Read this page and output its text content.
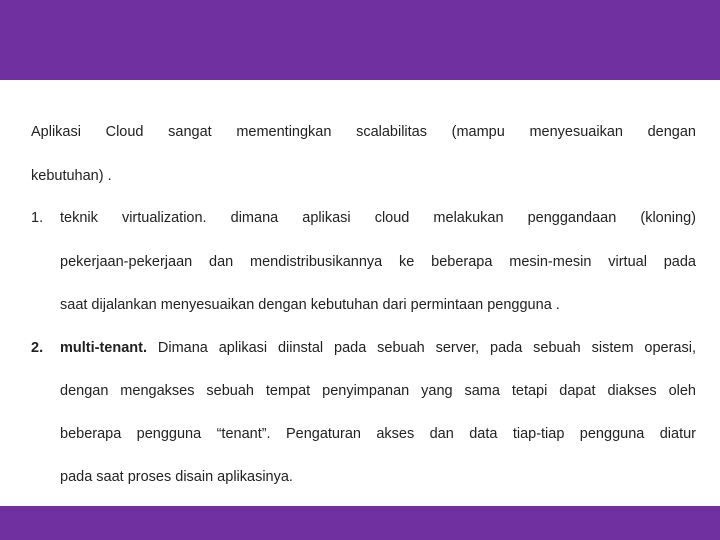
Aplikasi Cloud sangat mementingkan scalabilitas (mampu menyesuaikan dengan
kebutuhan) .
1. teknik virtualization. dimana aplikasi cloud melakukan penggandaan (kloning)
pekerjaan-pekerjaan dan mendistribusikannya ke beberapa mesin-mesin virtual pada
saat dijalankan menyesuaikan dengan kebutuhan dari permintaan pengguna .
2. multi-tenant. Dimana aplikasi diinstal pada sebuah server, pada sebuah sistem operasi,
dengan mengakses sebuah tempat penyimpanan yang sama tetapi dapat diakses oleh
beberapa pengguna “tenant”. Pengaturan akses dan data tiap-tiap pengguna diatur
pada saat proses disain aplikasinya.
